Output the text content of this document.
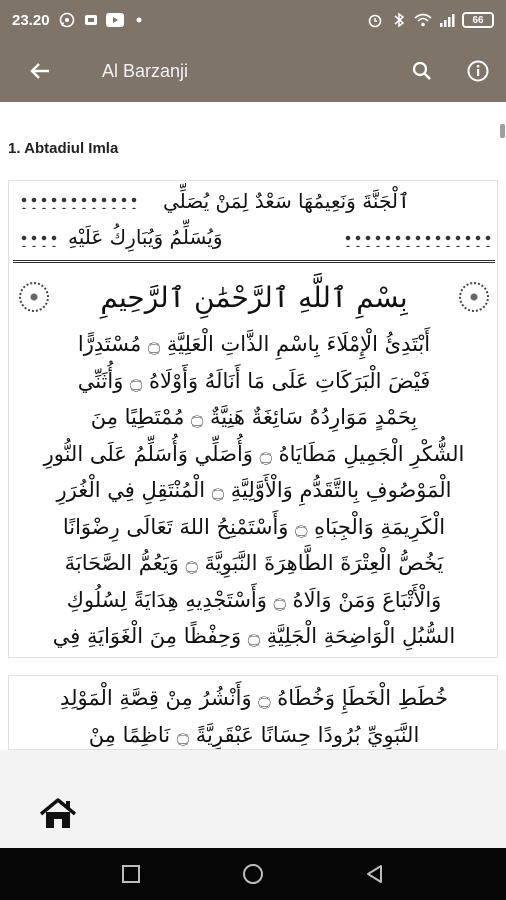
23.20	66
Al Barzanji
1. Abtadiul Imla
ٱلْجَنَّةَ وَنَعِيمُهَا سَعْدٌ لِمَنْ يُصَلِّي
وَيُسَلِّمُ وَيُبَارِكُ عَلَيْهِ
بِسْمِ ٱللَّهِ ٱلرَّحْمَٰنِ ٱلرَّحِيمِ
أَبْتَدِئُ الْإِمْلَاءَ بِاسْمِ الذَّاتِ الْعَلِيَّةِ ۝ مُسْتَدِرًّا
فَيْضَ الْبَرَكَاتِ عَلَى مَا أَنَالَهُ وَأَوْلَاهُ ۝ وَأُثَنِّي
بِحَمْدٍ مَوَارِدُهُ سَائِغَةٌ هَنِيَّةٌ ۝ مُمْتَطِيًا مِنَ
الشُّكْرِ الْجَمِيلِ مَطَايَاهُ ۝ وَأُصَلِّي وَأُسَلِّمُ عَلَى النُّورِ
الْمَوْصُوفِ بِالتَّقَدُّمِ وَالْأَوَّلِيَّةِ ۝ الْمُنْتَقِلِ فِي الْغُرَرِ
الْكَرِيمَةِ وَالْجِبَاهِ ۝ وَأَسْتَمْنِحُ اللهَ تَعَالَى رِضْوَانًا
يَخُصُّ الْعِتْرَةَ الطَّاهِرَةَ النَّبَوِيَّةَ ۝ وَيَعُمُّ الصَّحَابَةَ
وَالْأَتْبَاعَ وَمَنْ وَالَاهُ ۝ وَأَسْتَجْدِيهِ هِدَايَةً لِسُلُوكِ
السُّبُلِ الْوَاضِحَةِ الْجَلِيَّةِ ۝ وَحِفْظًا مِنَ الْغَوَايَةِ فِي
خُطَطِ الْخَطَإِ وَخُطَاهُ ۝ وَأَنْشُرُ مِنْ قِصَّةِ الْمَوْلِدِ
النَّبَوِيِّ بُرُودًا حِسَانًا عَبْقَرِيَّةً ۝ نَاظِمًا مِنْ
